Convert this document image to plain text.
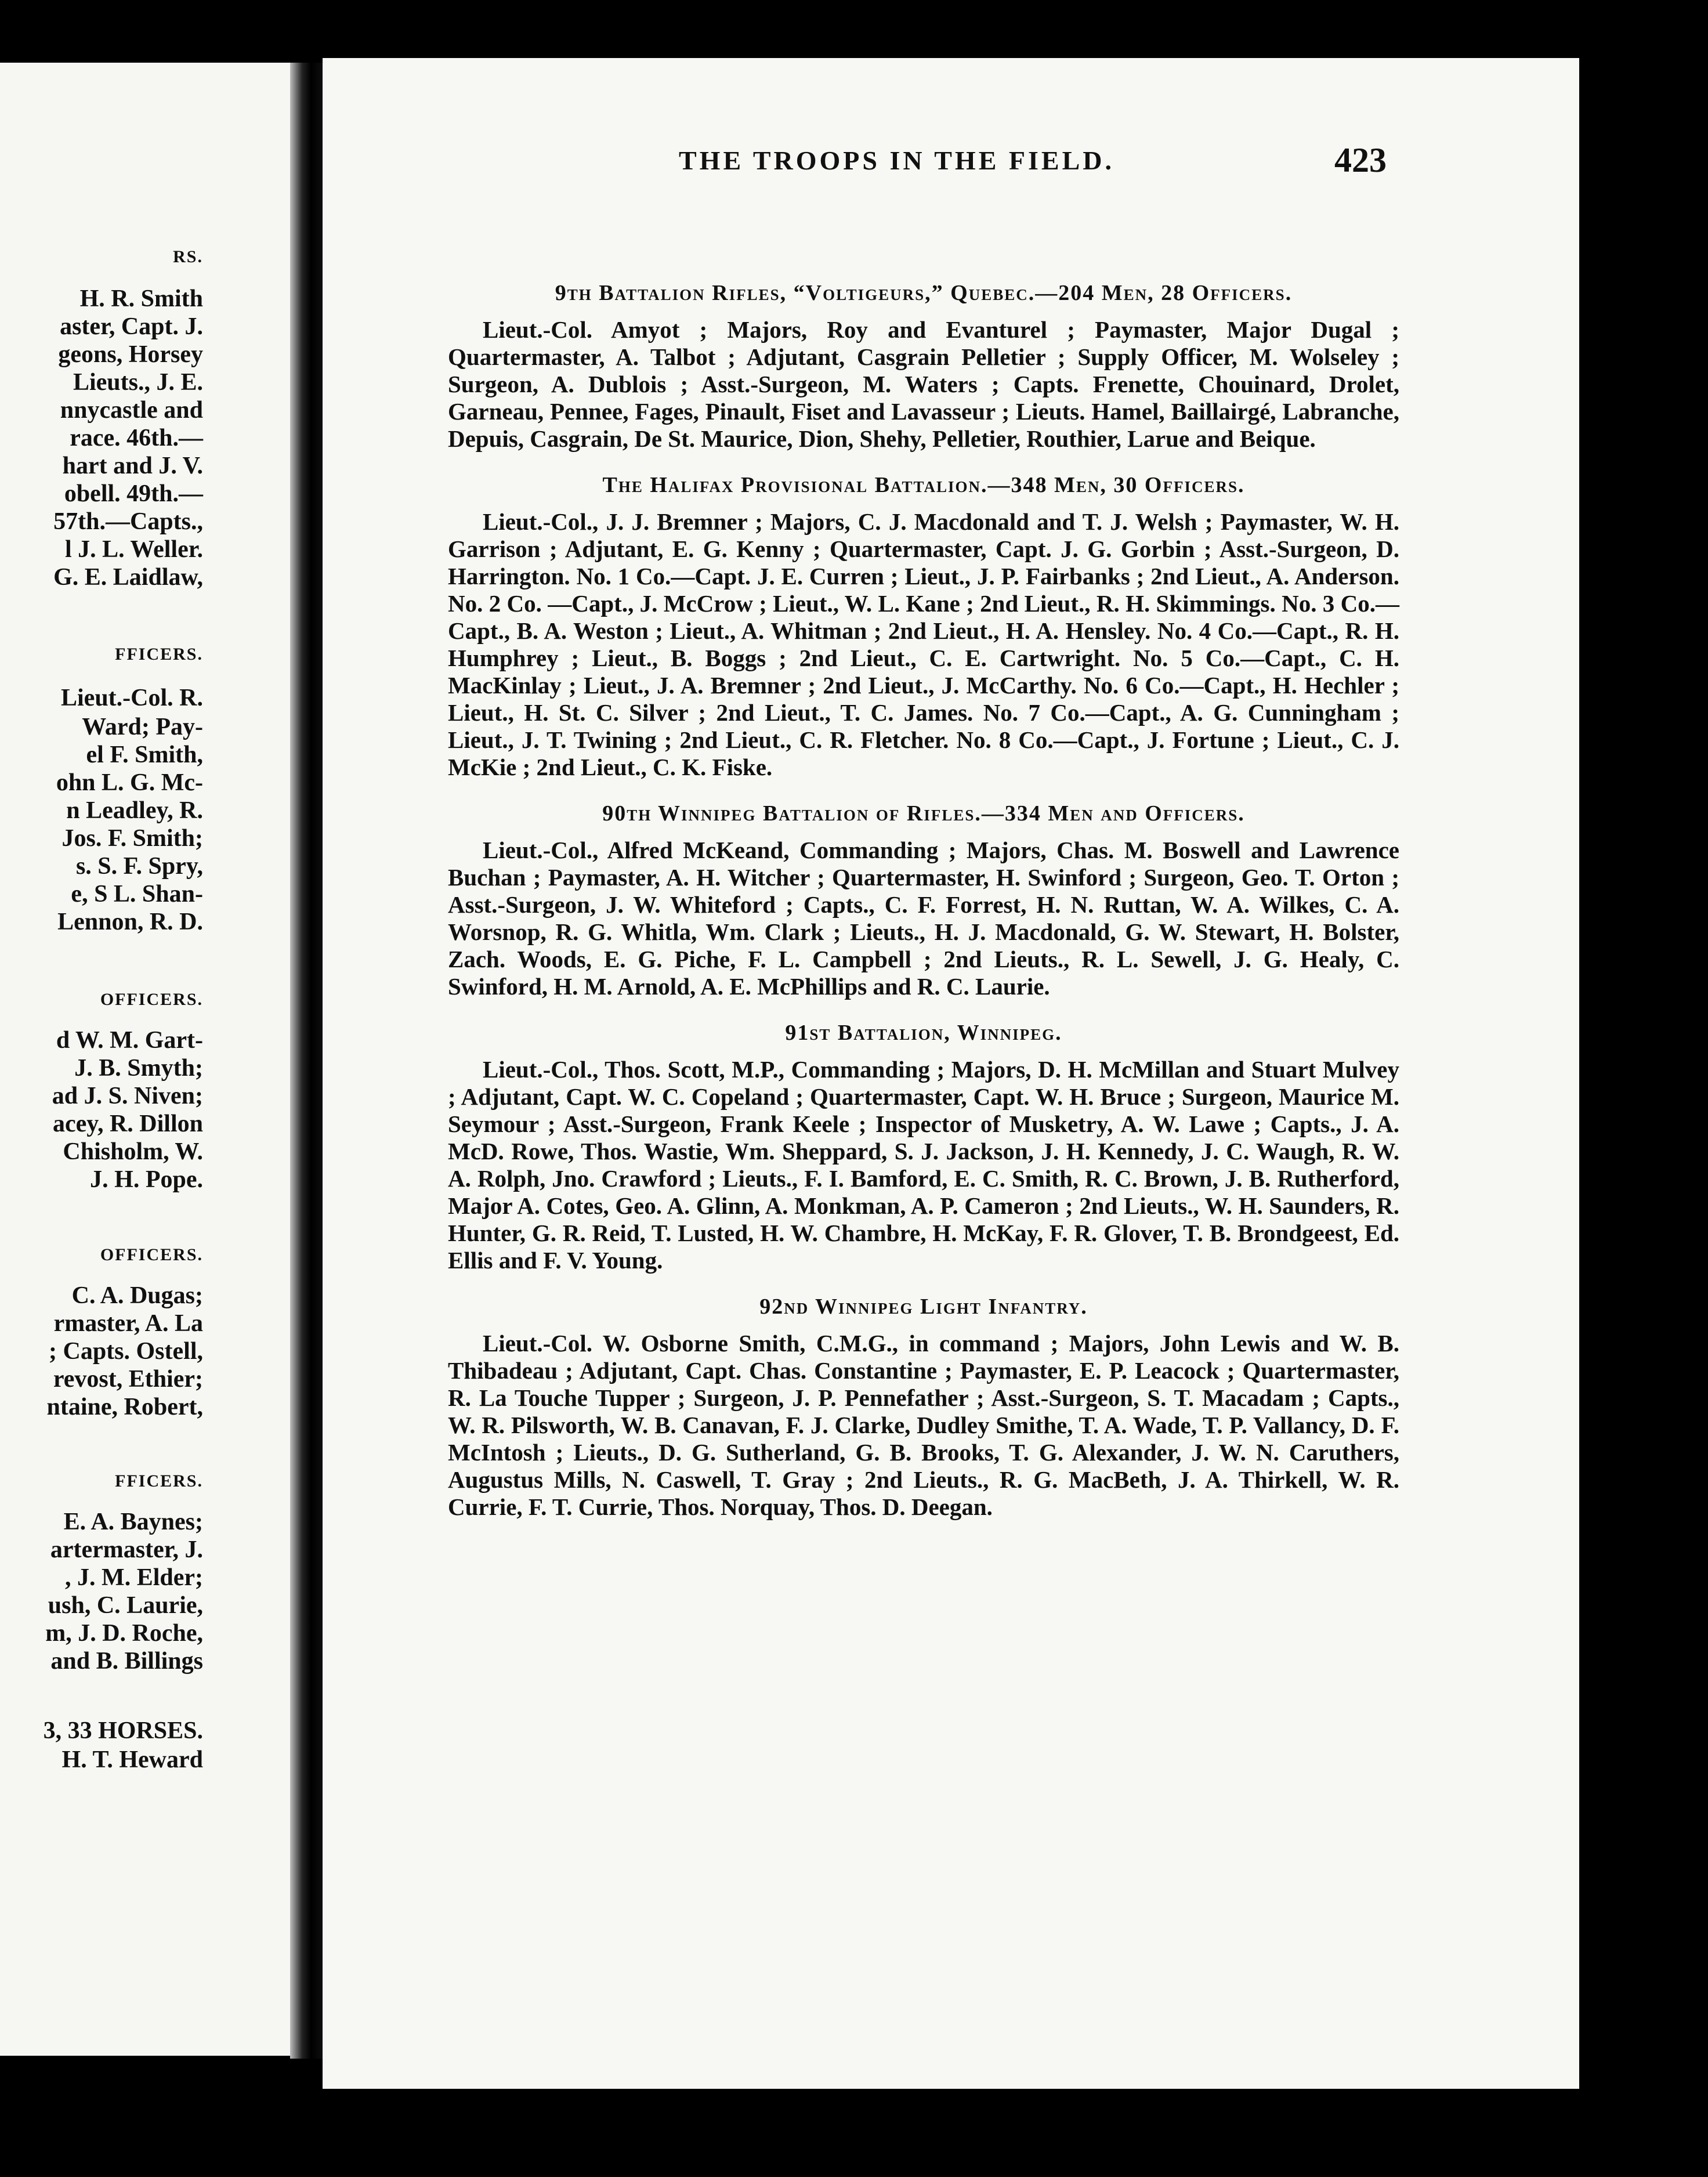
RS.
H. R. Smith
aster, Capt. J.
geons, Horsey
Lieuts., J. E.
nnycastle and
race. 46th.—
hart and J. V.
obell. 49th.—
57th.—Capts.,
l J. L. Weller.
G. E. Laidlaw,
FFICERS.
Lieut.-Col. R.
Ward; Pay-
el F. Smith,
ohn L. G. Mc-
n Leadley, R.
Jos. F. Smith;
s. S. F. Spry,
e, S L. Shan-
Lennon, R. D.
OFFICERS.
d W. M. Gart-
J. B. Smyth;
ad J. S. Niven;
acey, R. Dillon
Chisholm, W.
J. H. Pope.
OFFICERS.
C. A. Dugas;
rmaster, A. La
; Capts. Ostell,
revost, Ethier;
ntaine, Robert,
FFICERS.
E. A. Baynes;
artermaster, J.
, J. M. Elder;
ush, C. Laurie,
m, J. D. Roche,
and B. Billings
3, 33 HORSES.
H. T. Heward
THE TROOPS IN THE FIELD.	423
9th Battalion Rifles, “Voltigeurs,” Quebec.—204 Men, 28 Officers.

Lieut.-Col. Amyot ; Majors, Roy and Evanturel ; Paymaster, Major Dugal ; Quartermaster, A. Talbot ; Adjutant, Casgrain Pelletier ; Supply Officer, M. Wolseley ; Surgeon, A. Dublois ; Asst.-Surgeon, M. Waters ; Capts. Frenette, Chouinard, Drolet, Garneau, Pennee, Fages, Pinault, Fiset and Lavasseur ; Lieuts. Hamel, Baillairgé, Labranche, Depuis, Casgrain, De St. Maurice, Dion, Shehy, Pelletier, Routhier, Larue and Beique.

The Halifax Provisional Battalion.—348 Men, 30 Officers.

Lieut.-Col., J. J. Bremner ; Majors, C. J. Macdonald and T. J. Welsh ; Paymaster, W. H. Garrison ; Adjutant, E. G. Kenny ; Quartermaster, Capt. J. G. Gorbin ; Asst.-Surgeon, D. Harrington. No. 1 Co.—Capt. J. E. Curren ; Lieut., J. P. Fairbanks ; 2nd Lieut., A. Anderson. No. 2 Co. —Capt., J. McCrow ; Lieut., W. L. Kane ; 2nd Lieut., R. H. Skimmings. No. 3 Co.—Capt., B. A. Weston ; Lieut., A. Whitman ; 2nd Lieut., H. A. Hensley. No. 4 Co.—Capt., R. H. Humphrey ; Lieut., B. Boggs ; 2nd Lieut., C. E. Cartwright. No. 5 Co.—Capt., C. H. MacKinlay ; Lieut., J. A. Bremner ; 2nd Lieut., J. McCarthy. No. 6 Co.—Capt., H. Hechler ; Lieut., H. St. C. Silver ; 2nd Lieut., T. C. James. No. 7 Co.—Capt., A. G. Cunningham ; Lieut., J. T. Twining ; 2nd Lieut., C. R. Fletcher. No. 8 Co.—Capt., J. Fortune ; Lieut., C. J. McKie ; 2nd Lieut., C. K. Fiske.

90th Winnipeg Battalion of Rifles.—334 Men and Officers.

Lieut.-Col., Alfred McKeand, Commanding ; Majors, Chas. M. Boswell and Lawrence Buchan ; Paymaster, A. H. Witcher ; Quartermaster, H. Swinford ; Surgeon, Geo. T. Orton ; Asst.-Surgeon, J. W. Whiteford ; Capts., C. F. Forrest, H. N. Ruttan, W. A. Wilkes, C. A. Worsnop, R. G. Whitla, Wm. Clark ; Lieuts., H. J. Macdonald, G. W. Stewart, H. Bolster, Zach. Woods, E. G. Piche, F. L. Campbell ; 2nd Lieuts., R. L. Sewell, J. G. Healy, C. Swinford, H. M. Arnold, A. E. McPhillips and R. C. Laurie.

91st Battalion, Winnipeg.

Lieut.-Col., Thos. Scott, M.P., Commanding ; Majors, D. H. McMillan and Stuart Mulvey ; Adjutant, Capt. W. C. Copeland ; Quartermaster, Capt. W. H. Bruce ; Surgeon, Maurice M. Seymour ; Asst.-Surgeon, Frank Keele ; Inspector of Musketry, A. W. Lawe ; Capts., J. A. McD. Rowe, Thos. Wastie, Wm. Sheppard, S. J. Jackson, J. H. Kennedy, J. C. Waugh, R. W. A. Rolph, Jno. Crawford ; Lieuts., F. I. Bamford, E. C. Smith, R. C. Brown, J. B. Rutherford, Major A. Cotes, Geo. A. Glinn, A. Monkman, A. P. Cameron ; 2nd Lieuts., W. H. Saunders, R. Hunter, G. R. Reid, T. Lusted, H. W. Chambre, H. McKay, F. R. Glover, T. B. Brondgeest, Ed. Ellis and F. V. Young.

92nd Winnipeg Light Infantry.

Lieut.-Col. W. Osborne Smith, C.M.G., in command ; Majors, John Lewis and W. B. Thibadeau ; Adjutant, Capt. Chas. Constantine ; Paymaster, E. P. Leacock ; Quartermaster, R. La Touche Tupper ; Surgeon, J. P. Pennefather ; Asst.-Surgeon, S. T. Macadam ; Capts., W. R. Pilsworth, W. B. Canavan, F. J. Clarke, Dudley Smithe, T. A. Wade, T. P. Vallancy, D. F. McIntosh ; Lieuts., D. G. Sutherland, G. B. Brooks, T. G. Alexander, J. W. N. Caruthers, Augustus Mills, N. Caswell, T. Gray ; 2nd Lieuts., R. G. MacBeth, J. A. Thirkell, W. R. Currie, F. T. Currie, Thos. Norquay, Thos. D. Deegan.
